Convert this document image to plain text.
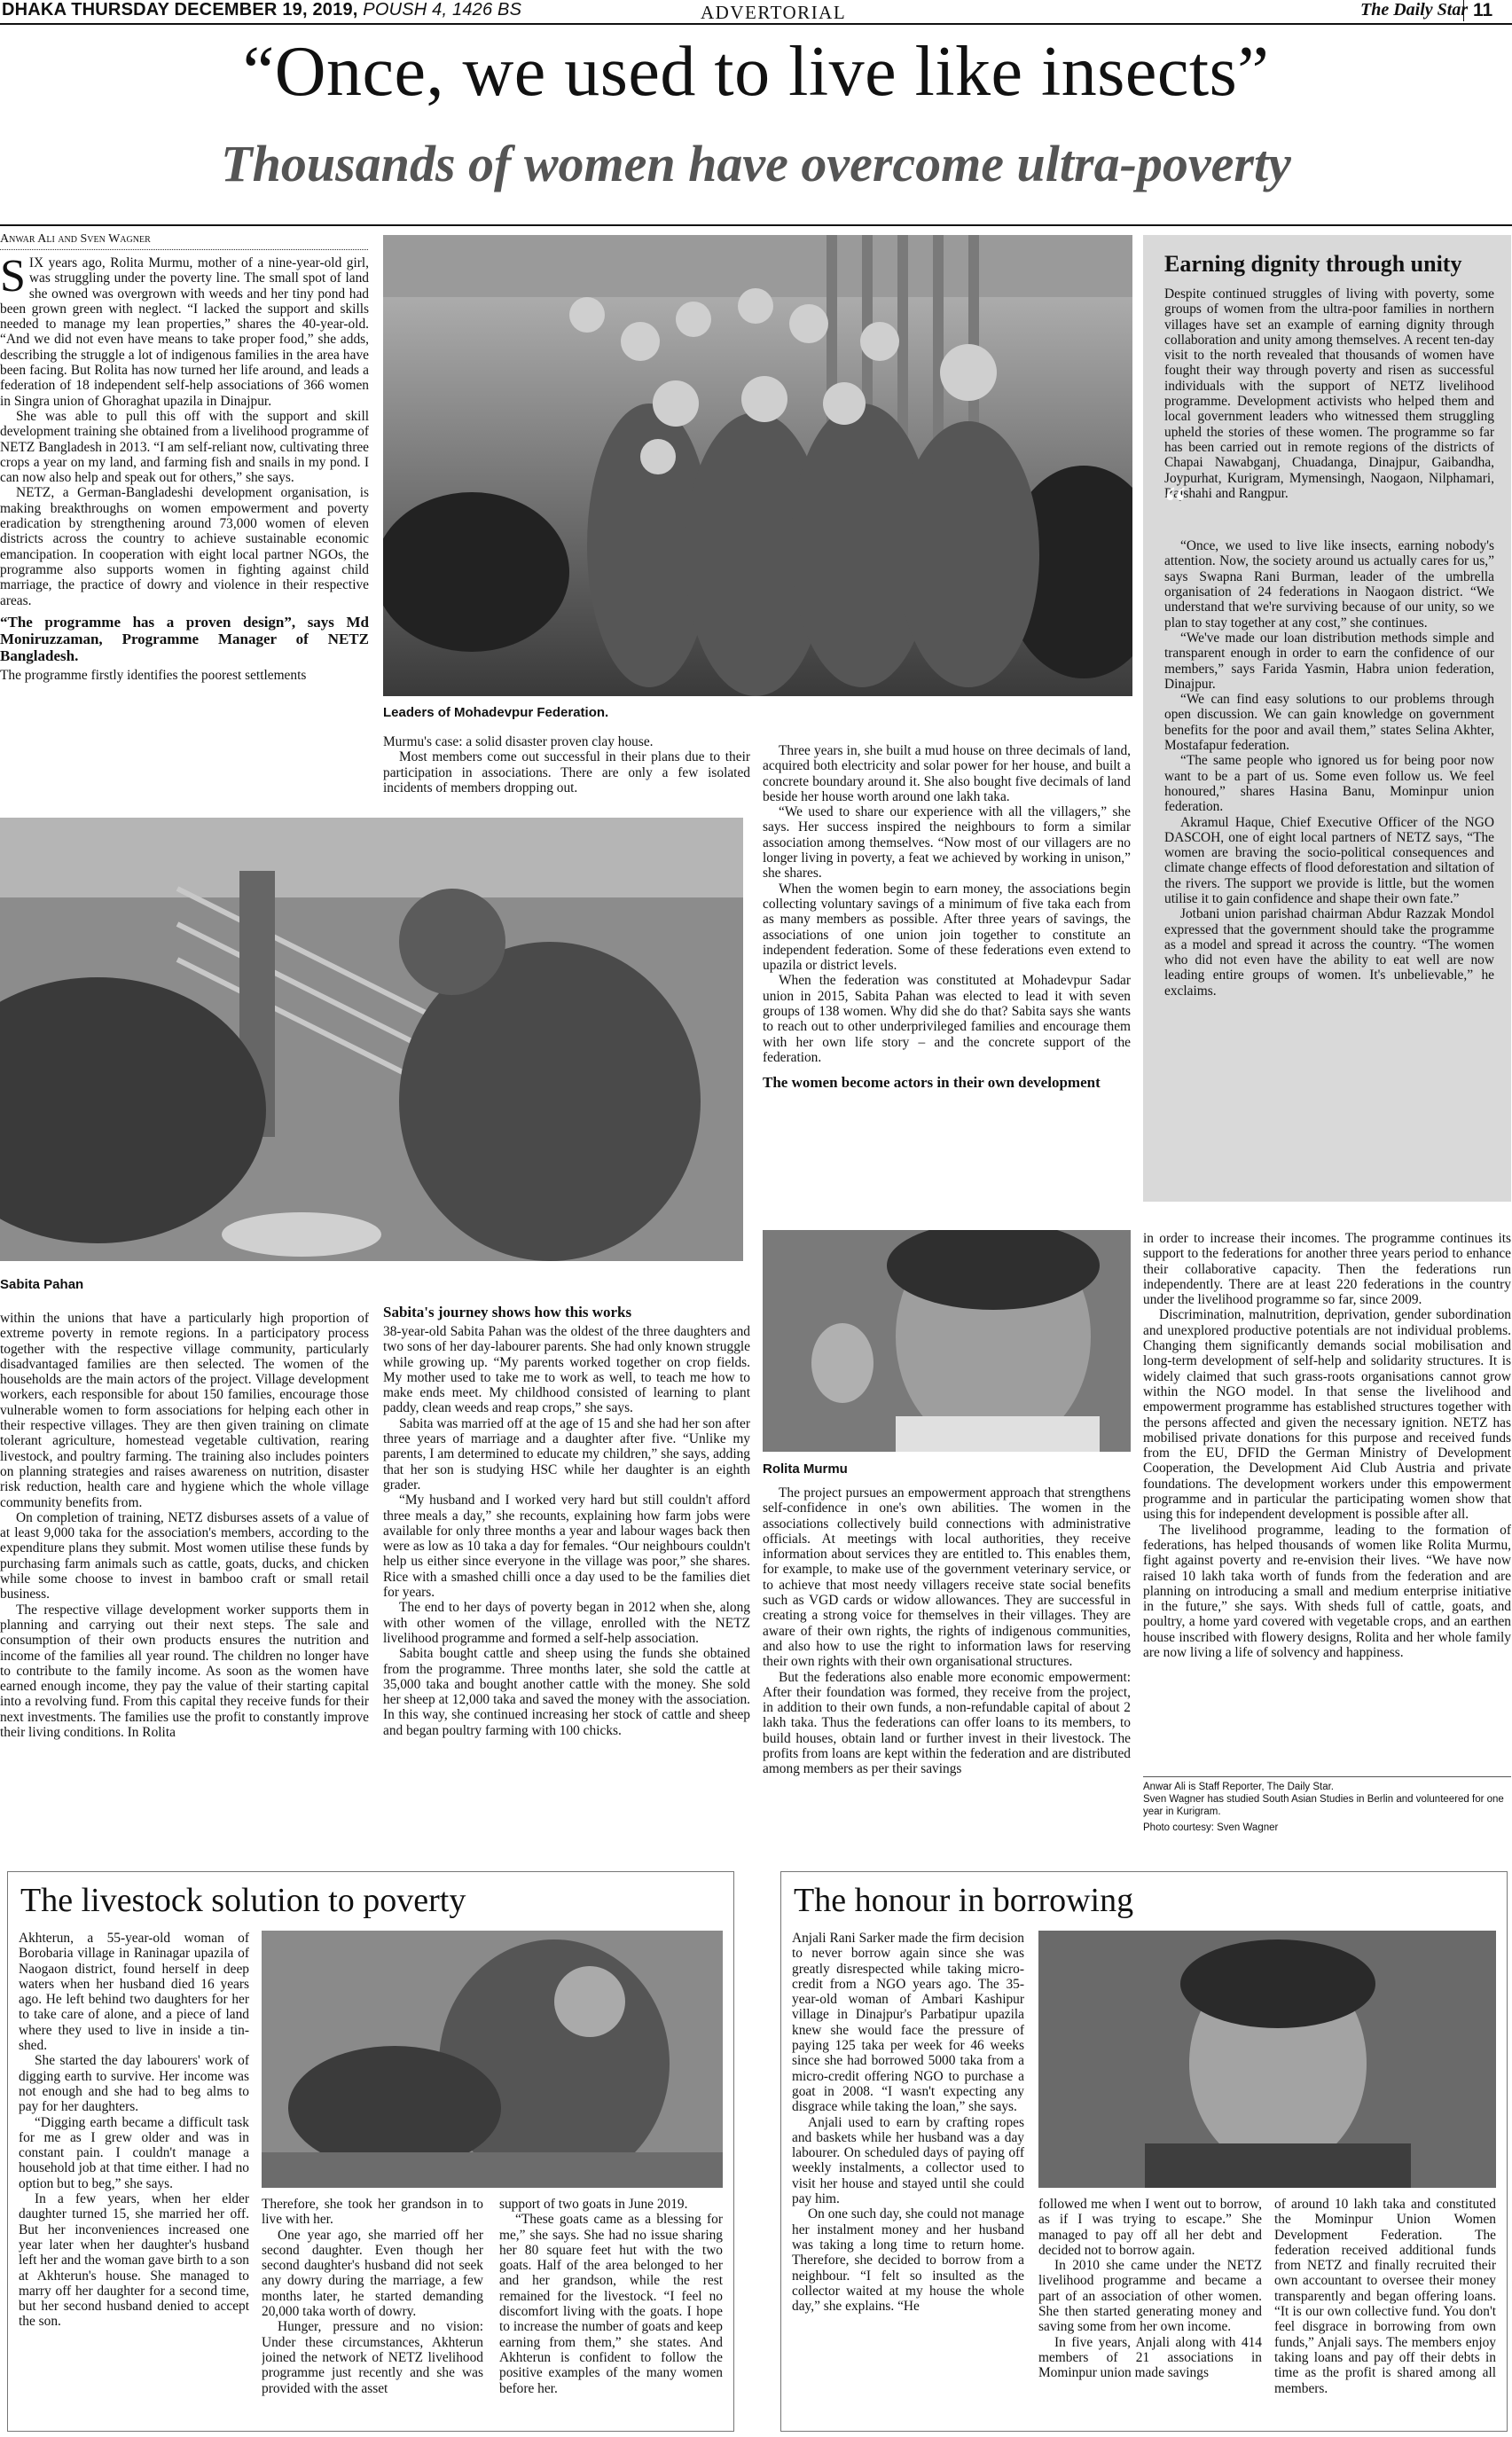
DHAKA THURSDAY DECEMBER 19, 2019, POUSH 4, 1426 BS	ADVERTORIAL	The Daily Star 11
“Once, we used to live like insects”
Thousands of women have overcome ultra-poverty
Anwar Ali and Sven Wagner

SIX years ago, Rolita Murmu, mother of a nine-year-old girl, was struggling under the poverty line. The small spot of land she owned was overgrown with weeds and her tiny pond had been grown green with neglect. “I lacked the support and skills needed to manage my lean properties,” shares the 40-year-old. “And we did not even have means to take proper food,” she adds, describing the struggle a lot of indigenous families in the area have been facing. But Rolita has now turned her life around, and leads a federation of 18 independent self-help associations of 366 women in Singra union of Ghoraghat upazila in Dinajpur.

She was able to pull this off with the support and skill development training she obtained from a livelihood programme of NETZ Bangladesh in 2013. “I am self-reliant now, cultivating three crops a year on my land, and farming fish and snails in my pond. I can now also help and speak out for others,” she says.

NETZ, a German-Bangladeshi development organisation, is making breakthroughs on women empowerment and poverty eradication by strengthening around 73,000 women of eleven districts across the country to achieve sustainable economic emancipation. In cooperation with eight local partner NGOs, the programme also supports women in fighting against child marriage, the practice of dowry and violence in their respective areas.

“The programme has a proven design”, says Md Moniruzzaman, Programme Manager of NETZ Bangladesh.

The programme firstly identifies the poorest settlements

Leaders of Mohadevpur Federation.

Murmu's case: a solid disaster proven clay house.

Most members come out successful in their plans due to their participation in associations. There are only a few isolated incidents of members dropping out.

Three years in, she built a mud house on three decimals of land, acquired both electricity and solar power for her house, and built a concrete boundary around it. She also bought five decimals of land beside her house worth around one lakh taka.

“We used to share our experience with all the villagers,” she says. Her success inspired the neighbours to form a similar association among themselves. “Now most of our villagers are no longer living in poverty, a feat we achieved by working in unison,” she shares.

When the women begin to earn money, the associations begin collecting voluntary savings of a minimum of five taka each from as many members as possible. After three years of savings, the associations of one union join together to constitute an independent federation. Some of these federations even extend to upazila or district levels.

When the federation was constituted at Mohadevpur Sadar union in 2015, Sabita Pahan was elected to lead it with seven groups of 138 women. Why did she do that? Sabita says she wants to reach out to other underprivileged families and encourage them with her own life story – and the concrete support of the federation.

The women become actors in their own development
Earning dignity through unity

Despite continued struggles of living with poverty, some groups of women from the ultra-poor families in northern villages have set an example of earning dignity through collaboration and unity among themselves. A recent ten-day visit to the north revealed that thousands of women have fought their way through poverty and risen as successful individuals with the support of NETZ livelihood programme. Development activists who helped them and local government leaders who witnessed them struggling upheld the stories of these women. The programme so far has been carried out in remote regions of the districts of Chapai Nawabganj, Chuadanga, Dinajpur, Gaibandha, Joypurhat, Kurigram, Mymensingh, Naogaon, Nilphamari, Rajshahi and Rangpur.

“

“Once, we used to live like insects, earning nobody's attention. Now, the society around us actually cares for us,” says Swapna Rani Burman, leader of the umbrella organisation of 24 federations in Naogaon district. “We understand that we're surviving because of our unity, so we plan to stay together at any cost,” she continues.

“We've made our loan distribution methods simple and transparent enough in order to earn the confidence of our members,” says Farida Yasmin, Habra union federation, Dinajpur.

“We can find easy solutions to our problems through open discussion. We can gain knowledge on government benefits for the poor and avail them,” states Selina Akhter, Mostafapur federation.

“The same people who ignored us for being poor now want to be a part of us. Some even follow us. We feel honoured,” shares Hasina Banu, Mominpur union federation.

Akramul Haque, Chief Executive Officer of the NGO DASCOH, one of eight local partners of NETZ says, “The women are braving the socio-political consequences and climate change effects of flood deforestation and siltation of the rivers. The support we provide is little, but the women utilise it to gain confidence and shape their own fate.”

Jotbani union parishad chairman Abdur Razzak Mondol expressed that the government should take the programme as a model and spread it across the country. “The women who did not even have the ability to eat well are now leading entire groups of women. It's unbelievable,” he exclaims.

Sabita Pahan
Rolita Murmu

within the unions that have a particularly high proportion of extreme poverty in remote regions. In a participatory process together with the respective village community, particularly disadvantaged families are then selected. The women of the households are the main actors of the project. Village development workers, each responsible for about 150 families, encourage those vulnerable women to form associations for helping each other in their respective villages. They are then given training on climate tolerant agriculture, homestead vegetable cultivation, rearing livestock, and poultry farming. The training also includes pointers on planning strategies and raises awareness on nutrition, disaster risk reduction, health care and hygiene which the whole village community benefits from.

On completion of training, NETZ disburses assets of a value of at least 9,000 taka for the association's members, according to the expenditure plans they submit. Most women utilise these funds by purchasing farm animals such as cattle, goats, ducks, and chicken while some choose to invest in bamboo craft or small retail business.

The respective village development worker supports them in planning and carrying out their next steps. The sale and consumption of their own products ensures the nutrition and income of the families all year round. The children no longer have to contribute to the family income. As soon as the women have earned enough income, they pay the value of their starting capital into a revolving fund. From this capital they receive funds for their next investments. The families use the profit to constantly improve their living conditions. In Rolita

Sabita's journey shows how this works

38-year-old Sabita Pahan was the oldest of the three daughters and two sons of her day-labourer parents. She had only known struggle while growing up. “My parents worked together on crop fields. My mother used to take me to work as well, to teach me how to make ends meet. My childhood consisted of learning to plant paddy, clean weeds and reap crops,” she says.

Sabita was married off at the age of 15 and she had her son after three years of marriage and a daughter after five. “Unlike my parents, I am determined to educate my children,” she says, adding that her son is studying HSC while her daughter is an eighth grader.

“My husband and I worked very hard but still couldn't afford three meals a day,” she recounts, explaining how farm jobs were available for only three months a year and labour wages back then were as low as 10 taka a day for females. “Our neighbours couldn't help us either since everyone in the village was poor,” she shares. Rice with a smashed chilli once a day used to be the families diet for years.

The end to her days of poverty began in 2012 when she, along with other women of the village, enrolled with the NETZ livelihood programme and formed a self-help association.

Sabita bought cattle and sheep using the funds she obtained from the programme. Three months later, she sold the cattle at 35,000 taka and bought another cattle with the money. She sold her sheep at 12,000 taka and saved the money with the association. In this way, she continued increasing her stock of cattle and sheep and began poultry farming with 100 chicks.

The project pursues an empowerment approach that strengthens self-confidence in one's own abilities. The women in the associations collectively build connections with administrative officials. At meetings with local authorities, they receive information about services they are entitled to. This enables them, for example, to make use of the government veterinary service, or to achieve that most needy villagers receive state social benefits such as VGD cards or widow allowances. They are successful in creating a strong voice for themselves in their villages. They are aware of their own rights, the rights of indigenous communities, and also how to use the right to information laws for reserving their own rights with their own organisational structures.

But the federations also enable more economic empowerment: After their foundation was formed, they receive from the project, in addition to their own funds, a non-refundable capital of about 2 lakh taka. Thus the federations can offer loans to its members, to build houses, obtain land or further invest in their livestock. The profits from loans are kept within the federation and are distributed among members as per their savings

in order to increase their incomes. The programme continues its support to the federations for another three years period to enhance their collaborative capacity. Then the federations run independently. There are at least 220 federations in the country under the livelihood programme so far, since 2009.

Discrimination, malnutrition, deprivation, gender subordination and unexplored productive potentials are not individual problems. Changing them significantly demands social mobilisation and long-term development of self-help and solidarity structures. It is widely claimed that such grass-roots organisations cannot grow within the NGO model. In that sense the livelihood and empowerment programme has established structures together with the persons affected and given the necessary ignition. NETZ has mobilised private donations for this purpose and received funds from the EU, DFID the German Ministry of Development Cooperation, the Development Aid Club Austria and private foundations. The development workers under this empowerment programme and in particular the participating women show that using this for independent development is possible after all.

The livelihood programme, leading to the formation of federations, has helped thousands of women like Rolita Murmu, fight against poverty and re-envision their lives. “We have now raised 10 lakh taka worth of funds from the federation and are planning on introducing a small and medium enterprise initiative in the future,” she says. With sheds full of cattle, goats, and poultry, a home yard covered with vegetable crops, and an earthen house inscribed with flowery designs, Rolita and her whole family are now living a life of solvency and happiness.

Anwar Ali is Staff Reporter, The Daily Star.
Sven Wagner has studied South Asian Studies in Berlin and volunteered for one year in Kurigram.
Photo courtesy: Sven Wagner
The livestock solution to poverty

Akhterun, a 55-year-old woman of Borobaria village in Raninagar upazila of Naogaon district, found herself in deep waters when her husband died 16 years ago. He left behind two daughters for her to take care of alone, and a piece of land where they used to live in inside a tin-shed.

She started the day labourers' work of digging earth to survive. Her income was not enough and she had to beg alms to pay for her daughters.

“Digging earth became a difficult task for me as I grew older and was in constant pain. I couldn't manage a household job at that time either. I had no option but to beg,” she says.

In a few years, when her elder daughter turned 15, she married her off. But her inconveniences increased one year later when her daughter's husband left her and the woman gave birth to a son at Akhterun's house. She managed to marry off her daughter for a second time, but her second husband denied to accept the son.

Therefore, she took her grandson in to live with her.

One year ago, she married off her second daughter. Even though her second daughter's husband did not seek any dowry during the marriage, a few months later, he started demanding 20,000 taka worth of dowry.

Hunger, pressure and no vision: Under these circumstances, Akhterun joined the network of NETZ livelihood programme just recently and she was provided with the asset

support of two goats in June 2019.

“These goats came as a blessing for me,” she says. She had no issue sharing her 80 square feet hut with the two goats. Half of the area belonged to her and her grandson, while the rest remained for the livestock. “I feel no discomfort living with the goats. I hope to increase the number of goats and keep earning from them,” she states. And Akhterun is confident to follow the positive examples of the many women before her.

The honour in borrowing

Anjali Rani Sarker made the firm decision to never borrow again since she was greatly disrespected while taking micro-credit from a NGO years ago. The 35-year-old woman of Ambari Kashipur village in Dinajpur's Parbatipur upazila knew she would face the pressure of paying 125 taka per week for 46 weeks since she had borrowed 5000 taka from a micro-credit offering NGO to purchase a goat in 2008. “I wasn't expecting any disgrace while taking the loan,” she says.

Anjali used to earn by crafting ropes and baskets while her husband was a day labourer. On scheduled days of paying off weekly instalments, a collector used to visit her house and stayed until she could pay him.

On one such day, she could not manage her instalment money and her husband was taking a long time to return home. Therefore, she decided to borrow from a neighbour. “I felt so insulted as the collector waited at my house the whole day,” she explains. “He

followed me when I went out to borrow, as if I was trying to escape.” She managed to pay off all her debt and decided not to borrow again.

In 2010 she came under the NETZ livelihood programme and became a part of an association of other women. She then started generating money and saving some from her own income.

In five years, Anjali along with 414 members of 21 associations in Mominpur union made savings

of around 10 lakh taka and constituted the Mominpur Union Women Development Federation. The federation received additional funds from NETZ and finally recruited their own accountant to oversee their money transparently and began offering loans. “It is our own collective fund. You don't feel disgrace in borrowing from own funds,” Anjali says. The members enjoy taking loans and pay off their debts in time as the profit is shared among all members.
